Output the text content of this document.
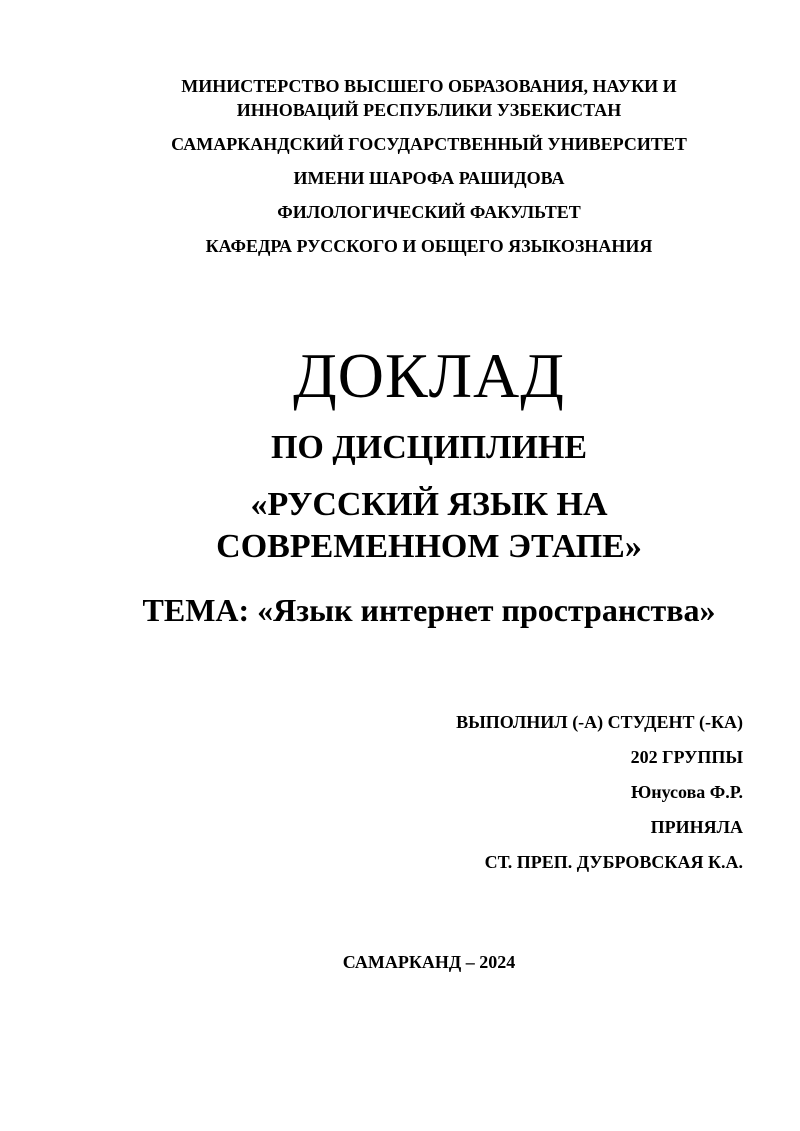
МИНИСТЕРСТВО ВЫСШЕГО ОБРАЗОВАНИЯ, НАУКИ И
ИННОВАЦИЙ РЕСПУБЛИКИ УЗБЕКИСТАН
САМАРКАНДСКИЙ ГОСУДАРСТВЕННЫЙ УНИВЕРСИТЕТ
ИМЕНИ ШАРОФА РАШИДОВА
ФИЛОЛОГИЧЕСКИЙ ФАКУЛЬТЕТ
КАФЕДРА РУССКОГО И ОБЩЕГО ЯЗЫКОЗНАНИЯ
ДОКЛАД
ПО ДИСЦИПЛИНЕ
«РУССКИЙ ЯЗЫК НА
СОВРЕМЕННОМ ЭТАПЕ»
ТЕМА: «Язык интернет пространства»
ВЫПОЛНИЛ (-А) СТУДЕНТ (-КА)
202 ГРУППЫ
Юнусова Ф.Р.
ПРИНЯЛА
СТ. ПРЕП. ДУБРОВСКАЯ К.А.
САМАРКАНД – 2024
